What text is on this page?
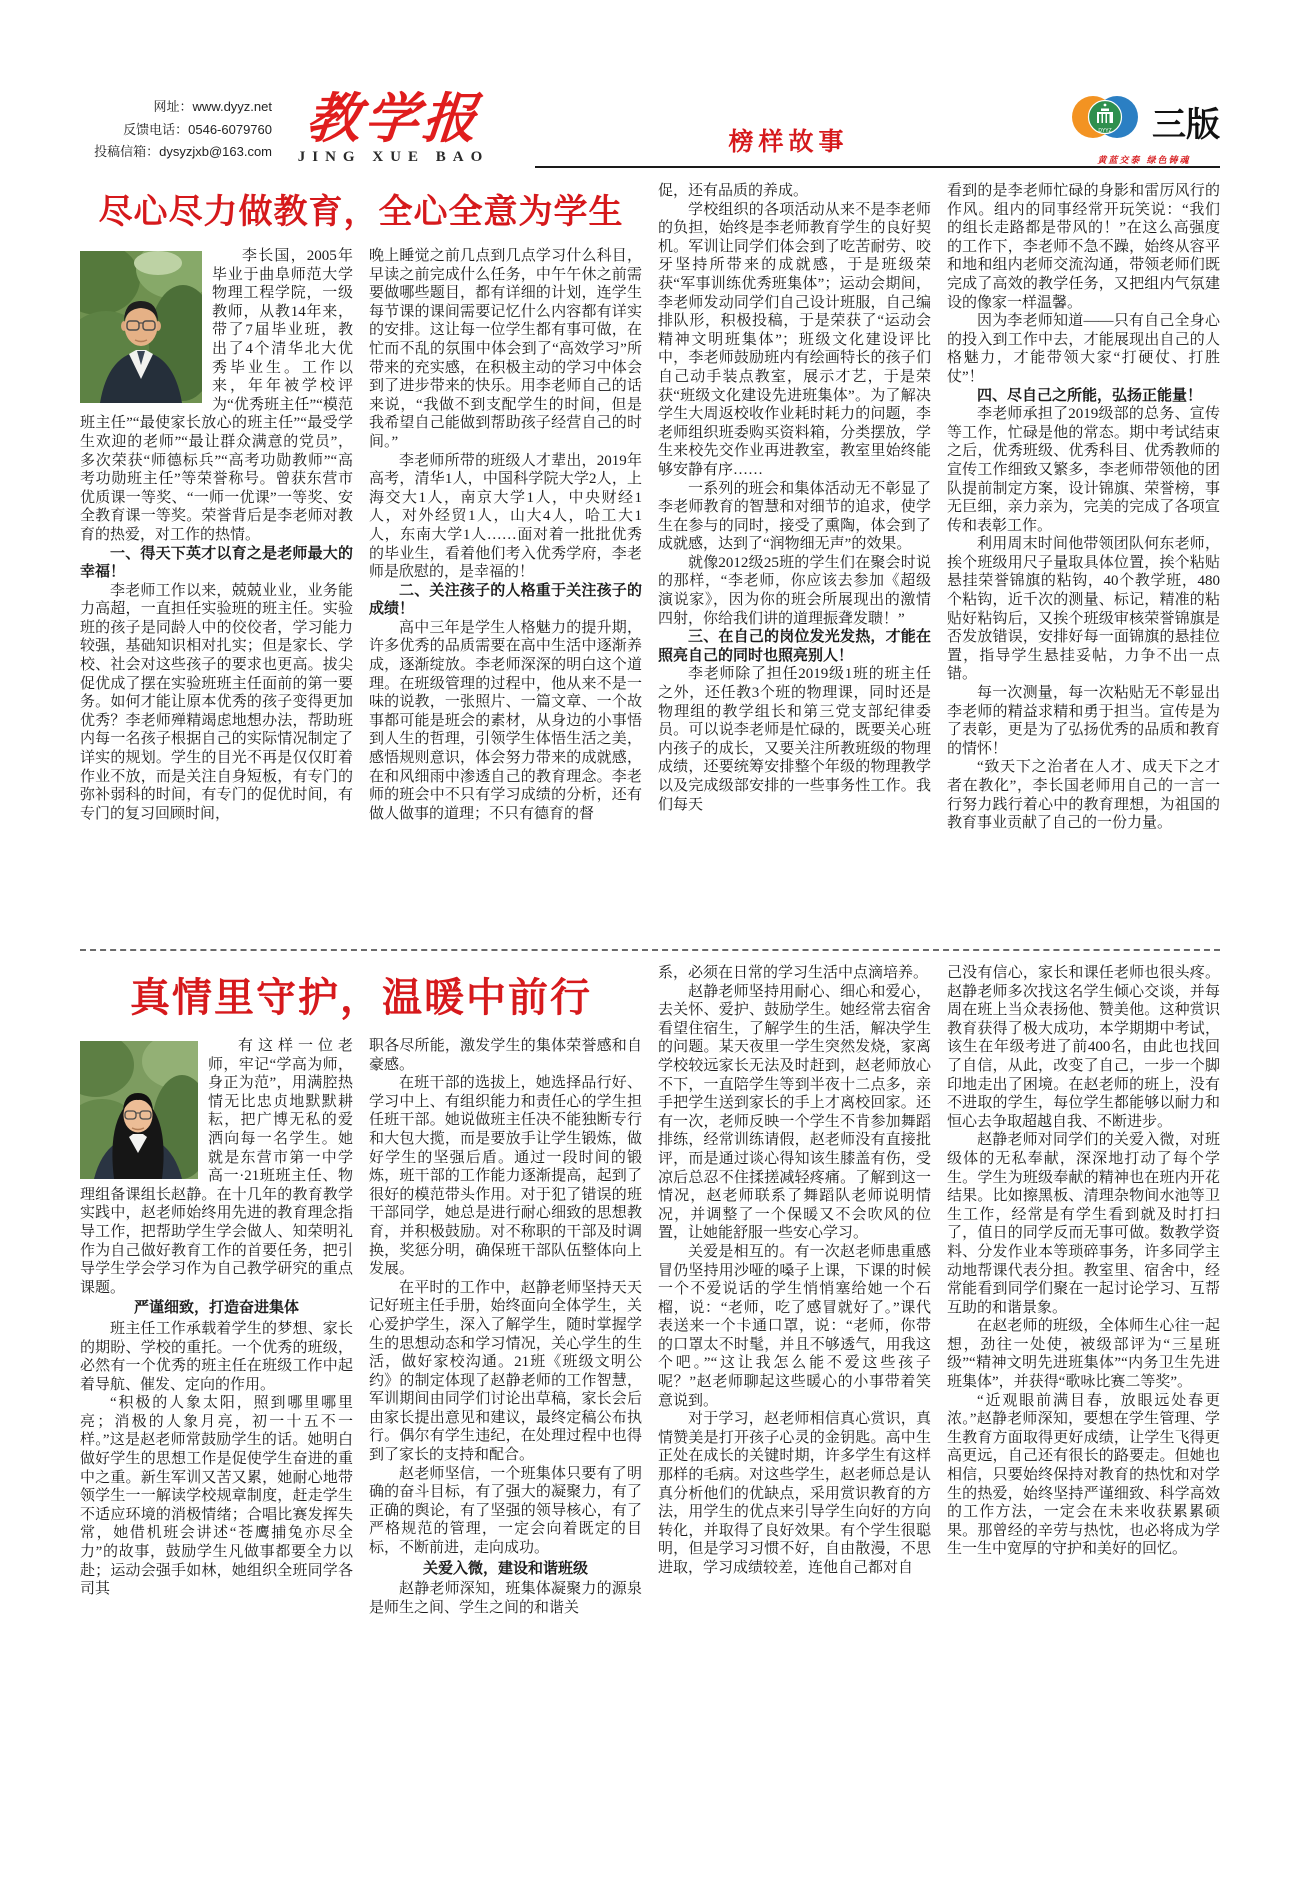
网址：www.dyyz.net
反馈电话：0546-6079760
投稿信箱：dysyzjxb@163.com
教学报
JING XUE BAO
榜样故事	DYYZ 三版
黄蓝交泰 绿色铸魂
尽心尽力做教育，全心全意为学生

李长国，2005年毕业于曲阜师范大学物理工程学院，一级教师，从教14年来，带了7届毕业班，教出了4个清华北大优秀毕业生。工作以来，年年被学校评为“优秀班主任”“模范班主任”“最使家长放心的班主任”“最受学生欢迎的老师”“最让群众满意的党员”，多次荣获“师德标兵”“高考功勋教师”“高考功勋班主任”等荣誉称号。曾获东营市优质课一等奖、“一师一优课”一等奖、安全教育课一等奖。荣誉背后是李老师对教育的热爱，对工作的热情。

一、得天下英才以育之是老师最大的幸福！

李老师工作以来，兢兢业业，业务能力高超，一直担任实验班的班主任。实验班的孩子是同龄人中的佼佼者，学习能力较强，基础知识相对扎实；但是家长、学校、社会对这些孩子的要求也更高。拔尖促优成了摆在实验班班主任面前的第一要务。如何才能让原本优秀的孩子变得更加优秀？李老师殚精竭虑地想办法，帮助班内每一名孩子根据自己的实际情况制定了详实的规划。学生的目光不再是仅仅盯着作业不放，而是关注自身短板，有专门的弥补弱科的时间，有专门的促优时间，有专门的复习回顾时间，

晚上睡觉之前几点到几点学习什么科目，早读之前完成什么任务，中午午休之前需要做哪些题目，都有详细的计划，连学生每节课的课间需要记忆什么内容都有详实的安排。这让每一位学生都有事可做，在忙而不乱的氛围中体会到了“高效学习”所带来的充实感，在积极主动的学习中体会到了进步带来的快乐。用李老师自己的话来说，“我做不到支配学生的时间，但是我希望自己能做到帮助孩子经营自己的时间。”

李老师所带的班级人才辈出，2019年高考，清华1人，中国科学院大学2人，上海交大1人，南京大学1人，中央财经1人，对外经贸1人，山大4人，哈工大1人，东南大学1人……面对着一批批优秀的毕业生，看着他们考入优秀学府，李老师是欣慰的，是幸福的！

二、关注孩子的人格重于关注孩子的成绩！

高中三年是学生人格魅力的提升期，许多优秀的品质需要在高中生活中逐渐养成，逐渐绽放。李老师深深的明白这个道理。在班级管理的过程中，他从来不是一味的说教，一张照片、一篇文章、一个故事都可能是班会的素材，从身边的小事悟到人生的哲理，引领学生体悟生活之美，感悟规则意识，体会努力带来的成就感，在和风细雨中渗透自己的教育理念。李老师的班会中不只有学习成绩的分析，还有做人做事的道理；不只有德育的督

促，还有品质的养成。

学校组织的各项活动从来不是李老师的负担，始终是李老师教育学生的良好契机。军训让同学们体会到了吃苦耐劳、咬牙坚持所带来的成就感，于是班级荣获“军事训练优秀班集体”；运动会期间，李老师发动同学们自己设计班服，自己编排队形，积极投稿，于是荣获了“运动会精神文明班集体”；班级文化建设评比中，李老师鼓励班内有绘画特长的孩子们自己动手装点教室，展示才艺，于是荣获“班级文化建设先进班集体”。为了解决学生大周返校收作业耗时耗力的问题，李老师组织班委购买资料箱，分类摆放，学生来校先交作业再进教室，教室里始终能够安静有序……

一系列的班会和集体活动无不彰显了李老师教育的智慧和对细节的追求，使学生在参与的同时，接受了熏陶，体会到了成就感，达到了“润物细无声”的效果。

就像2012级25班的学生们在聚会时说的那样，“李老师，你应该去参加《超级演说家》，因为你的班会所展现出的激情四射，你给我们讲的道理振聋发聩！”

三、在自己的岗位发光发热，才能在照亮自己的同时也照亮别人！

李老师除了担任2019级1班的班主任之外，还任教3个班的物理课，同时还是物理组的教学组长和第三党支部纪律委员。可以说李老师是忙碌的，既要关心班内孩子的成长，又要关注所教班级的物理成绩，还要统筹安排整个年级的物理教学以及完成级部安排的一些事务性工作。我们每天

看到的是李老师忙碌的身影和雷厉风行的作风。组内的同事经常开玩笑说：“我们的组长走路都是带风的！”在这么高强度的工作下，李老师不急不躁，始终从容平和地和组内老师交流沟通，带领老师们既完成了高效的教学任务，又把组内气氛建设的像家一样温馨。

因为李老师知道——只有自己全身心的投入到工作中去，才能展现出自己的人格魅力，才能带领大家“打硬仗、打胜仗”！

四、尽自己之所能，弘扬正能量！

李老师承担了2019级部的总务、宣传等工作，忙碌是他的常态。期中考试结束之后，优秀班级、优秀科目、优秀教师的宣传工作细致又繁多，李老师带领他的团队提前制定方案，设计锦旗、荣誉榜，事无巨细，亲力亲为，完美的完成了各项宣传和表彰工作。

利用周末时间他带领团队何东老师，挨个班级用尺子量取具体位置，挨个粘贴悬挂荣誉锦旗的粘钩，40个教学班，480个粘钩，近千次的测量、标记，精准的粘贴好粘钩后，又挨个班级审核荣誉锦旗是否发放错误，安排好每一面锦旗的悬挂位置，指导学生悬挂妥帖，力争不出一点错。

每一次测量，每一次粘贴无不彰显出李老师的精益求精和勇于担当。宣传是为了表彰，更是为了弘扬优秀的品质和教育的情怀！

“致天下之治者在人才、成天下之才者在教化”，李长国老师用自己的一言一行努力践行着心中的教育理想，为祖国的教育事业贡献了自己的一份力量。

真情里守护，温暖中前行

有这样一位老师，牢记“学高为师，身正为范”，用满腔热情无比忠贞地默默耕耘，把广博无私的爱洒向每一名学生。她就是东营市第一中学高一·21班班主任、物理组备课组长赵静。在十几年的教育教学实践中，赵老师始终用先进的教育理念指导工作，把帮助学生学会做人、知荣明礼作为自己做好教育工作的首要任务，把引导学生学会学习作为自己教学研究的重点课题。

严谨细致，打造奋进集体

班主任工作承载着学生的梦想、家长的期盼、学校的重托。一个优秀的班级，必然有一个优秀的班主任在班级工作中起着导航、催发、定向的作用。

“积极的人象太阳，照到哪里哪里亮；消极的人象月亮，初一十五不一样。”这是赵老师常鼓励学生的话。她明白做好学生的思想工作是促使学生奋进的重中之重。新生军训又苦又累，她耐心地带领学生一一解读学校规章制度，赶走学生不适应环境的消极情绪；合唱比赛发挥失常，她借机班会讲述“苍鹰捕兔亦尽全力”的故事，鼓励学生凡做事都要全力以赴；运动会强手如林，她组织全班同学各司其

职各尽所能，激发学生的集体荣誉感和自豪感。

在班干部的选拔上，她选择品行好、学习中上、有组织能力和责任心的学生担任班干部。她说做班主任决不能独断专行和大包大揽，而是要放手让学生锻炼，做好学生的坚强后盾。通过一段时间的锻炼，班干部的工作能力逐渐提高，起到了很好的模范带头作用。对于犯了错误的班干部同学，她总是进行耐心细致的思想教育，并积极鼓励。对不称职的干部及时调换，奖惩分明，确保班干部队伍整体向上发展。

在平时的工作中，赵静老师坚持天天记好班主任手册，始终面向全体学生，关心爱护学生，深入了解学生，随时掌握学生的思想动态和学习情况，关心学生的生活，做好家校沟通。21班《班级文明公约》的制定体现了赵静老师的工作智慧，军训期间由同学们讨论出草稿，家长会后由家长提出意见和建议，最终定稿公布执行。偶尔有学生违纪，在处理过程中也得到了家长的支持和配合。

赵老师坚信，一个班集体只要有了明确的奋斗目标，有了强大的凝聚力，有了正确的舆论，有了坚强的领导核心，有了严格规范的管理，一定会向着既定的目标，不断前进，走向成功。

关爱入微，建设和谐班级

赵静老师深知，班集体凝聚力的源泉是师生之间、学生之间的和谐关

系，必须在日常的学习生活中点滴培养。

赵静老师坚持用耐心、细心和爱心，去关怀、爱护、鼓励学生。她经常去宿舍看望住宿生，了解学生的生活，解决学生的问题。某天夜里一学生突然发烧，家离学校较远家长无法及时赶到，赵老师放心不下，一直陪学生等到半夜十二点多，亲手把学生送到家长的手上才离校回家。还有一次，老师反映一个学生不肯参加舞蹈排练，经常训练请假，赵老师没有直接批评，而是通过谈心得知该生膝盖有伤，受凉后总忍不住揉搓减轻疼痛。了解到这一情况，赵老师联系了舞蹈队老师说明情况，并调整了一个保暖又不会吹风的位置，让她能舒服一些安心学习。

关爱是相互的。有一次赵老师患重感冒仍坚持用沙哑的嗓子上课，下课的时候一个不爱说话的学生悄悄塞给她一个石榴，说：“老师，吃了感冒就好了。”课代表送来一个卡通口罩，说：“老师，你带的口罩太不时髦，并且不够透气，用我这个吧。”“这让我怎么能不爱这些孩子呢？”赵老师聊起这些暖心的小事带着笑意说到。

对于学习，赵老师相信真心赏识，真情赞美是打开孩子心灵的金钥匙。高中生正处在成长的关键时期，许多学生有这样那样的毛病。对这些学生，赵老师总是认真分析他们的优缺点，采用赏识教育的方法，用学生的优点来引导学生向好的方向转化，并取得了良好效果。有个学生很聪明，但是学习习惯不好，自由散漫，不思进取，学习成绩较差，连他自己都对自

己没有信心，家长和课任老师也很头疼。赵静老师多次找这名学生倾心交谈，并每周在班上当众表扬他、赞美他。这种赏识教育获得了极大成功，本学期期中考试，该生在年级考进了前400名，由此也找回了自信，从此，改变了自己，一步一个脚印地走出了困境。在赵老师的班上，没有不进取的学生，每位学生都能够以耐力和恒心去争取超越自我、不断进步。

赵静老师对同学们的关爱入微，对班级体的无私奉献，深深地打动了每个学生。学生为班级奉献的精神也在班内开花结果。比如擦黑板、清理杂物间水池等卫生工作，经常是有学生看到就及时打扫了，值日的同学反而无事可做。数教学资料、分发作业本等琐碎事务，许多同学主动地帮课代表分担。教室里、宿舍中，经常能看到同学们聚在一起讨论学习、互帮互助的和谐景象。

在赵老师的班级，全体师生心往一起想，劲往一处使，被级部评为“三星班级”“精神文明先进班集体”“内务卫生先进班集体”，并获得“歌咏比赛二等奖”。

“近观眼前满目春，放眼远处春更浓。”赵静老师深知，要想在学生管理、学生教育方面取得更好成绩，让学生飞得更高更远，自己还有很长的路要走。但她也相信，只要始终保持对教育的热忱和对学生的热爱，始终坚持严谨细致、科学高效的工作方法，一定会在未来收获累累硕果。那曾经的辛劳与热忱，也必将成为学生一生中宽厚的守护和美好的回忆。
